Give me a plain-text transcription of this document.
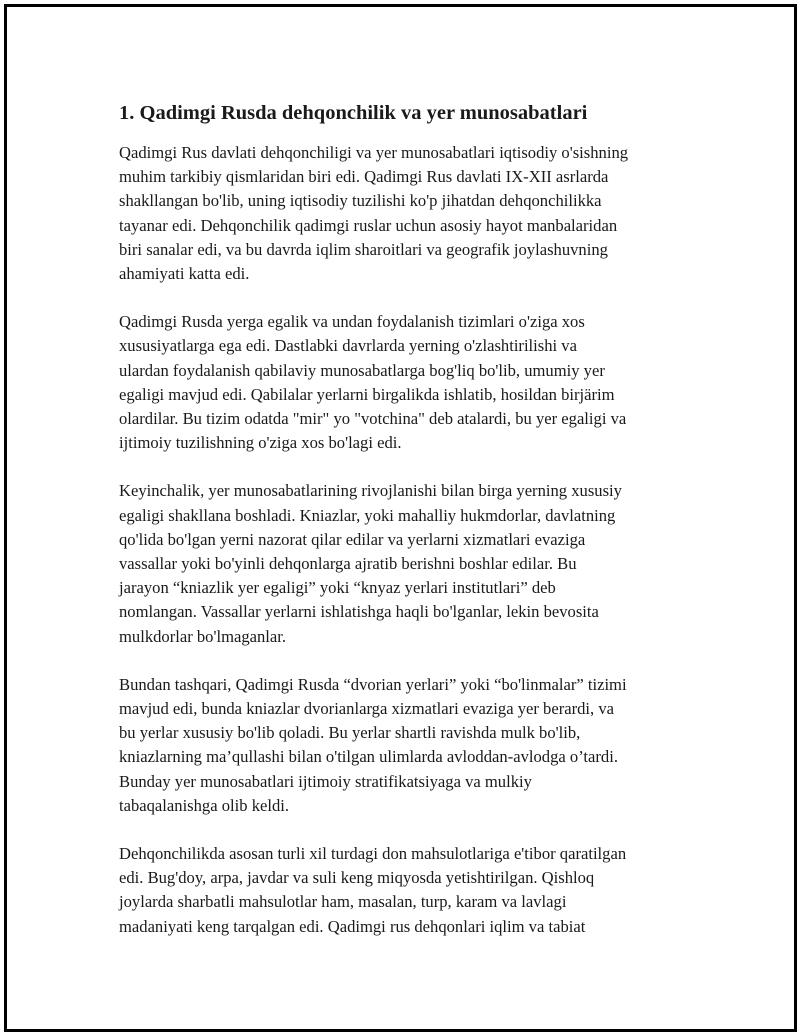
1. Qadimgi Rusda dehqonchilik va yer munosabatlari
Qadimgi Rus davlati dehqonchiligi va yer munosabatlari iqtisodiy o'sishning
muhim tarkibiy qismlaridan biri edi. Qadimgi Rus davlati IX-XII asrlarda
shakllangan bo'lib, uning iqtisodiy tuzilishi ko'p jihatdan dehqonchilikka
tayanar edi. Dehqonchilik qadimgi ruslar uchun asosiy hayot manbalaridan
biri sanalar edi, va bu davrda iqlim sharoitlari va geografik joylashuvning
ahamiyati katta edi.
Qadimgi Rusda yerga egalik va undan foydalanish tizimlari o'ziga xos
xususiyatlarga ega edi. Dastlabki davrlarda yerning o'zlashtirilishi va
ulardan foydalanish qabilaviy munosabatlarga bog'liq bo'lib, umumiy yer
egaligi mavjud edi. Qabilalar yerlarni birgalikda ishlatib, hosildan birjärim
olardilar. Bu tizim odatda "mir" yo "votchina" deb atalardi, bu yer egaligi va
ijtimoiy tuzilishning o'ziga xos bo'lagi edi.
Keyinchalik, yer munosabatlarining rivojlanishi bilan birga yerning xususiy
egaligi shakllana boshladi. Kniazlar, yoki mahalliy hukmdorlar, davlatning
qo'lida bo'lgan yerni nazorat qilar edilar va yerlarni xizmatlari evaziga
vassallar yoki bo'yinli dehqonlarga ajratib berishni boshlar edilar. Bu
jarayon “kniazlik yer egaligi” yoki “knyaz yerlari institutlari” deb
nomlangan. Vassallar yerlarni ishlatishga haqli bo'lganlar, lekin bevosita
mulkdorlar bo'lmaganlar.
Bundan tashqari, Qadimgi Rusda “dvorian yerlari” yoki “bo'linmalar” tizimi
mavjud edi, bunda kniazlar dvorianlarga xizmatlari evaziga yer berardi, va
bu yerlar xususiy bo'lib qoladi. Bu yerlar shartli ravishda mulk bo'lib,
kniazlarning ma’qullashi bilan o'tilgan ulimlarda avloddan-avlodga o’tardi.
Bunday yer munosabatlari ijtimoiy stratifikatsiyaga va mulkiy
tabaqalanishga olib keldi.
Dehqonchilikda asosan turli xil turdagi don mahsulotlariga e'tibor qaratilgan
edi. Bug'doy, arpa, javdar va suli keng miqyosda yetishtirilgan. Qishloq
joylarda sharbatli mahsulotlar ham, masalan, turp, karam va lavlagi
madaniyati keng tarqalgan edi. Qadimgi rus dehqonlari iqlim va tabiat
